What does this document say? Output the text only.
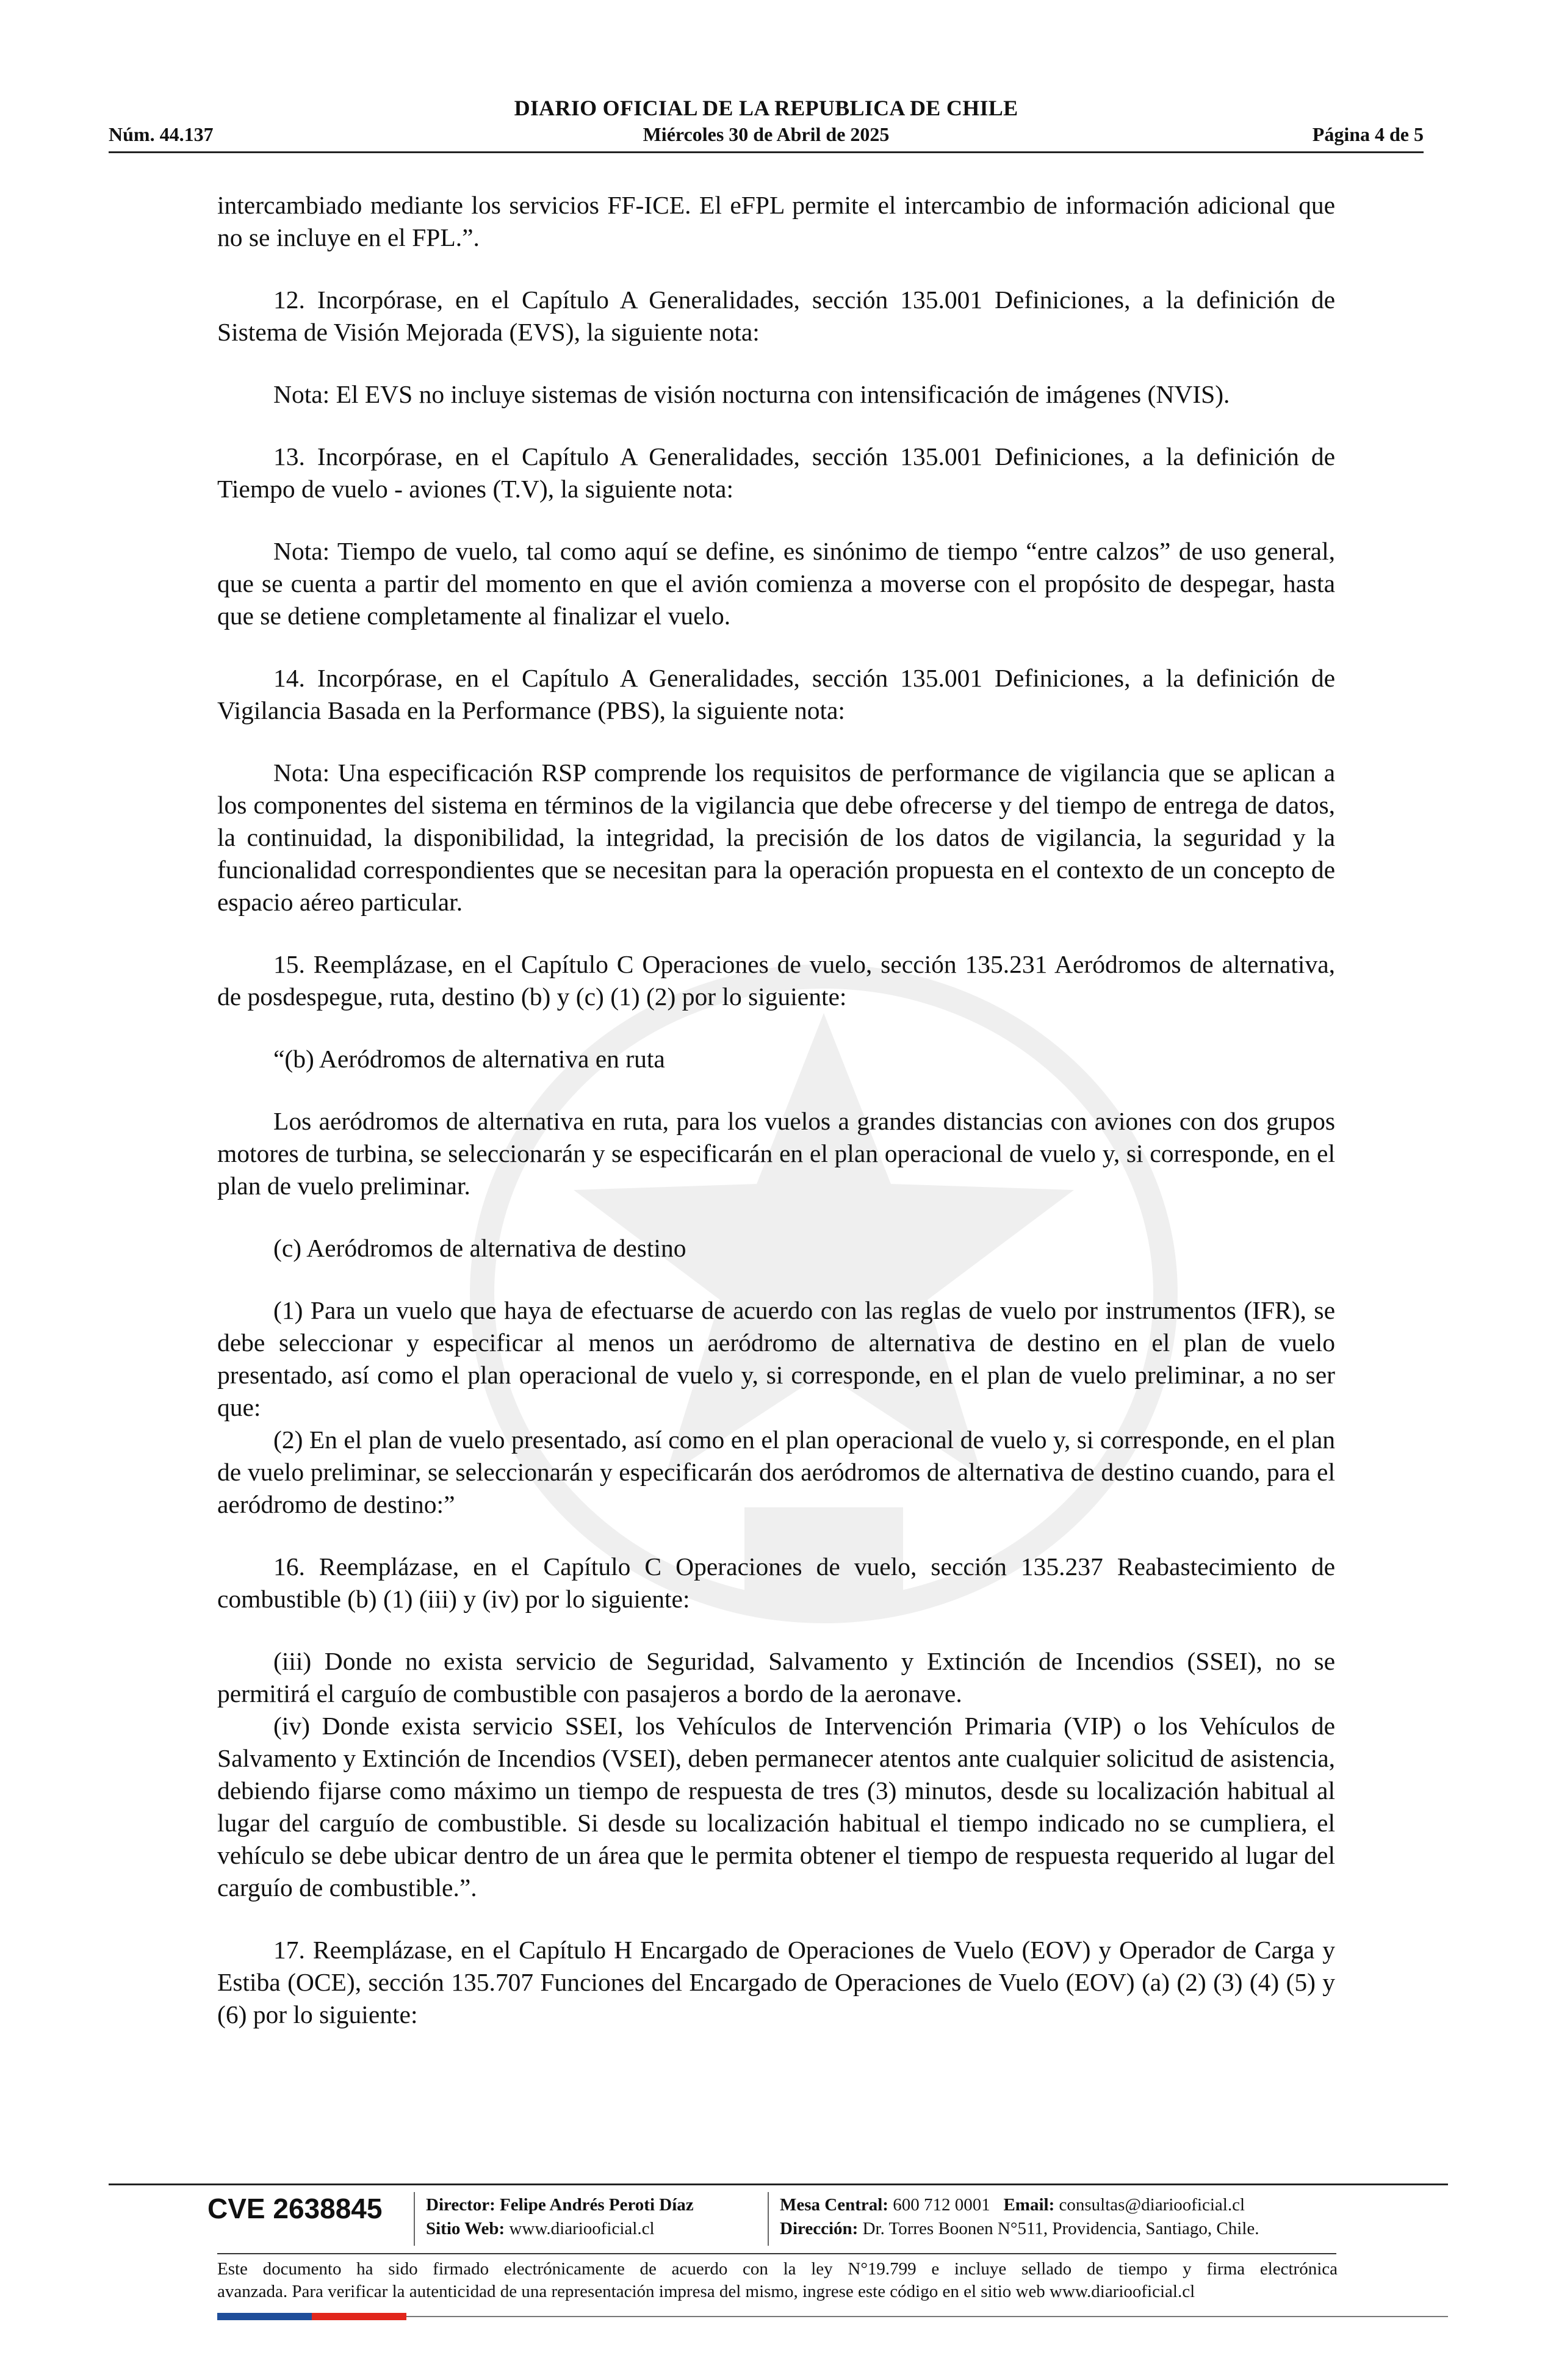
DIARIO OFICIAL DE LA REPUBLICA DE CHILE
Núm. 44.137	Miércoles 30 de Abril de 2025	Página 4 de 5

intercambiado mediante los servicios FF-ICE. El eFPL permite el intercambio de información adicional que no se incluye en el FPL.”.

12. Incorpórase, en el Capítulo A Generalidades, sección 135.001 Definiciones, a la definición de Sistema de Visión Mejorada (EVS), la siguiente nota:

Nota: El EVS no incluye sistemas de visión nocturna con intensificación de imágenes (NVIS).

13. Incorpórase, en el Capítulo A Generalidades, sección 135.001 Definiciones, a la definición de Tiempo de vuelo - aviones (T.V), la siguiente nota:

Nota: Tiempo de vuelo, tal como aquí se define, es sinónimo de tiempo “entre calzos” de uso general, que se cuenta a partir del momento en que el avión comienza a moverse con el propósito de despegar, hasta que se detiene completamente al finalizar el vuelo.

14. Incorpórase, en el Capítulo A Generalidades, sección 135.001 Definiciones, a la definición de Vigilancia Basada en la Performance (PBS), la siguiente nota:

Nota: Una especificación RSP comprende los requisitos de performance de vigilancia que se aplican a los componentes del sistema en términos de la vigilancia que debe ofrecerse y del tiempo de entrega de datos, la continuidad, la disponibilidad, la integridad, la precisión de los datos de vigilancia, la seguridad y la funcionalidad correspondientes que se necesitan para la operación propuesta en el contexto de un concepto de espacio aéreo particular.

15. Reemplázase, en el Capítulo C Operaciones de vuelo, sección 135.231 Aeródromos de alternativa, de posdespegue, ruta, destino (b) y (c) (1) (2) por lo siguiente:

“(b) Aeródromos de alternativa en ruta

Los aeródromos de alternativa en ruta, para los vuelos a grandes distancias con aviones con dos grupos motores de turbina, se seleccionarán y se especificarán en el plan operacional de vuelo y, si corresponde, en el plan de vuelo preliminar.

(c) Aeródromos de alternativa de destino

(1) Para un vuelo que haya de efectuarse de acuerdo con las reglas de vuelo por instrumentos (IFR), se debe seleccionar y especificar al menos un aeródromo de alternativa de destino en el plan de vuelo presentado, así como el plan operacional de vuelo y, si corresponde, en el plan de vuelo preliminar, a no ser que:

(2) En el plan de vuelo presentado, así como en el plan operacional de vuelo y, si corresponde, en el plan de vuelo preliminar, se seleccionarán y especificarán dos aeródromos de alternativa de destino cuando, para el aeródromo de destino:”

16. Reemplázase, en el Capítulo C Operaciones de vuelo, sección 135.237 Reabastecimiento de combustible (b) (1) (iii) y (iv) por lo siguiente:

(iii) Donde no exista servicio de Seguridad, Salvamento y Extinción de Incendios (SSEI), no se permitirá el carguío de combustible con pasajeros a bordo de la aeronave.

(iv) Donde exista servicio SSEI, los Vehículos de Intervención Primaria (VIP) o los Vehículos de Salvamento y Extinción de Incendios (VSEI), deben permanecer atentos ante cualquier solicitud de asistencia, debiendo fijarse como máximo un tiempo de respuesta de tres (3) minutos, desde su localización habitual al lugar del carguío de combustible. Si desde su localización habitual el tiempo indicado no se cumpliera, el vehículo se debe ubicar dentro de un área que le permita obtener el tiempo de respuesta requerido al lugar del carguío de combustible.”.

17. Reemplázase, en el Capítulo H Encargado de Operaciones de Vuelo (EOV) y Operador de Carga y Estiba (OCE), sección 135.707 Funciones del Encargado de Operaciones de Vuelo (EOV) (a) (2) (3) (4) (5) y (6) por lo siguiente:

CVE 2638845 Director: Felipe Andrés Peroti Díaz
Sitio Web: www.diariooficial.cl
Mesa Central: 600 712 0001 Email: consultas@diariooficial.cl
Dirección: Dr. Torres Boonen N°511, Providencia, Santiago, Chile.
Este documento ha sido firmado electrónicamente de acuerdo con la ley N°19.799 e incluye sellado de tiempo y firma electrónica
avanzada. Para verificar la autenticidad de una representación impresa del mismo, ingrese este código en el sitio web www.diariooficial.cl
